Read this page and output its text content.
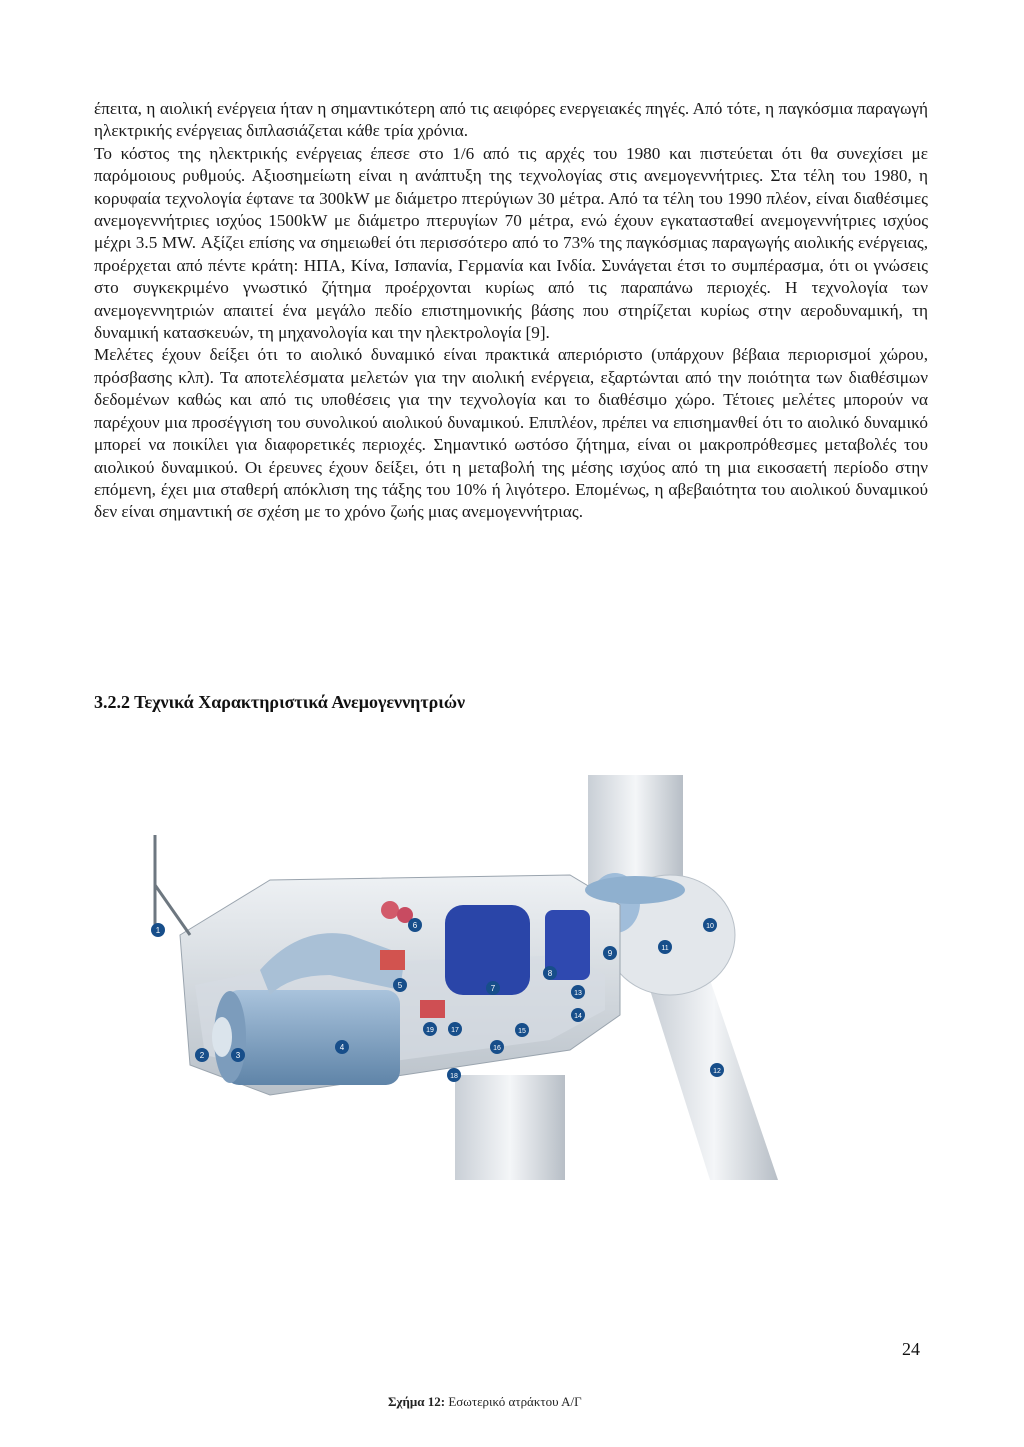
έπειτα, η αιολική ενέργεια ήταν η σημαντικότερη από τις αειφόρες ενεργειακές πηγές. Από τότε, η παγκόσμια παραγωγή ηλεκτρικής ενέργειας διπλασιάζεται κάθε τρία χρόνια.

Το κόστος της ηλεκτρικής ενέργειας έπεσε στο 1/6 από τις αρχές του 1980 και πιστεύεται ότι θα συνεχίσει με παρόμοιους ρυθμούς. Αξιοσημείωτη είναι η ανάπτυξη της τεχνολογίας στις ανεμογεννήτριες. Στα τέλη του 1980, η κορυφαία τεχνολογία έφτανε τα 300kW με διάμετρο πτερύγιων 30 μέτρα. Από τα τέλη του 1990 πλέον, είναι διαθέσιμες ανεμογεννήτριες ισχύος 1500kW με διάμετρο πτερυγίων 70 μέτρα, ενώ έχουν εγκατασταθεί ανεμογεννήτριες ισχύος μέχρι 3.5 MW. Αξίζει επίσης να σημειωθεί ότι περισσότερο από το 73% της παγκόσμιας παραγωγής αιολικής ενέργειας, προέρχεται από πέντε κράτη: ΗΠΑ, Κίνα, Ισπανία, Γερμανία και Ινδία. Συνάγεται έτσι το συμπέρασμα, ότι οι γνώσεις στο συγκεκριμένο γνωστικό ζήτημα προέρχονται κυρίως από τις παραπάνω περιοχές. Η τεχνολογία των ανεμογεννητριών απαιτεί ένα μεγάλο πεδίο επιστημονικής βάσης που στηρίζεται κυρίως στην αεροδυναμική, τη δυναμική κατασκευών, τη μηχανολογία και την ηλεκτρολογία [9].

Μελέτες έχουν δείξει ότι το αιολικό δυναμικό είναι πρακτικά απεριόριστο (υπάρχουν βέβαια περιορισμοί χώρου, πρόσβασης κλπ). Τα αποτελέσματα μελετών για την αιολική ενέργεια, εξαρτώνται από την ποιότητα των διαθέσιμων δεδομένων καθώς και από τις υποθέσεις για την τεχνολογία και το διαθέσιμο χώρο. Τέτοιες μελέτες μπορούν να παρέχουν μια προσέγγιση του συνολικού αιολικού δυναμικού. Επιπλέον, πρέπει να επισημανθεί ότι το αιολικό δυναμικό μπορεί να ποικίλει για διαφορετικές περιοχές. Σημαντικό ωστόσο ζήτημα, είναι οι μακροπρόθεσμες μεταβολές του αιολικού δυναμικού. Οι έρευνες έχουν δείξει, ότι η μεταβολή της μέσης ισχύος από τη μια εικοσαετή περίοδο στην επόμενη, έχει μια σταθερή απόκλιση της τάξης του 10% ή λιγότερο. Επομένως, η αβεβαιότητα του αιολικού δυναμικού δεν είναι σημαντική σε σχέση με το χρόνο ζωής μιας ανεμογεννήτριας.

3.2.2 Τεχνικά Χαρακτηριστικά Ανεμογεννητριών
1
2	3
4
5
6
7
8
9
10
11
12
13
14
15
16
17
18
19
Σχήμα 12: Εσωτερικό ατράκτου Α/Γ
24
